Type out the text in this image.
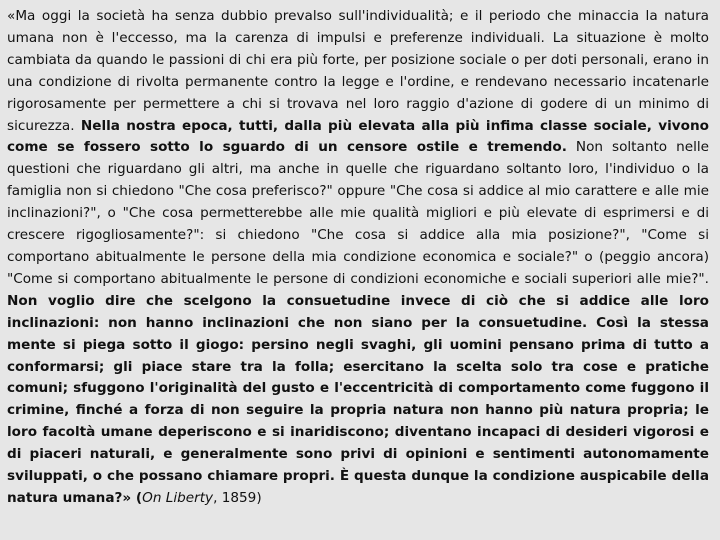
«Ma oggi la società ha senza dubbio prevalso sull'individualità; e il periodo che minaccia la natura umana non è l'eccesso, ma la carenza di impulsi e preferenze individuali. La situazione è molto cambiata da quando le passioni di chi era più forte, per posizione sociale o per doti personali, erano in una condizione di rivolta permanente contro la legge e l'ordine, e rendevano necessario incatenarle rigorosamente per permettere a chi si trovava nel loro raggio d'azione di godere di un minimo di sicurezza. Nella nostra epoca, tutti, dalla più elevata alla più infima classe sociale, vivono come se fossero sotto lo sguardo di un censore ostile e tremendo. Non soltanto nelle questioni che riguardano gli altri, ma anche in quelle che riguardano soltanto loro, l'individuo o la famiglia non si chiedono "Che cosa preferisco?" oppure "Che cosa si addice al mio carattere e alle mie inclinazioni?", o "Che cosa permetterebbe alle mie qualità migliori e più elevate di esprimersi e di crescere rigogliosamente?": si chiedono "Che cosa si addice alla mia posizione?", "Come si comportano abitualmente le persone della mia condizione economica e sociale?" o (peggio ancora) "Come si comportano abitualmente le persone di condizioni economiche e sociali superiori alle mie?". Non voglio dire che scelgono la consuetudine invece di ciò che si addice alle loro inclinazioni: non hanno inclinazioni che non siano per la consuetudine. Così la stessa mente si piega sotto il giogo: persino negli svaghi, gli uomini pensano prima di tutto a conformarsi; gli piace stare tra la folla; esercitano la scelta solo tra cose e pratiche comuni; sfuggono l'originalità del gusto e l'eccentricità di comportamento come fuggono il crimine, finché a forza di non seguire la propria natura non hanno più natura propria; le loro facoltà umane deperiscono e si inaridiscono; diventano incapaci di desideri vigorosi e di piaceri naturali, e generalmente sono privi di opinioni e sentimenti autonomamente sviluppati, o che possano chiamare propri. È questa dunque la condizione auspicabile della natura umana?» (On Liberty, 1859)
